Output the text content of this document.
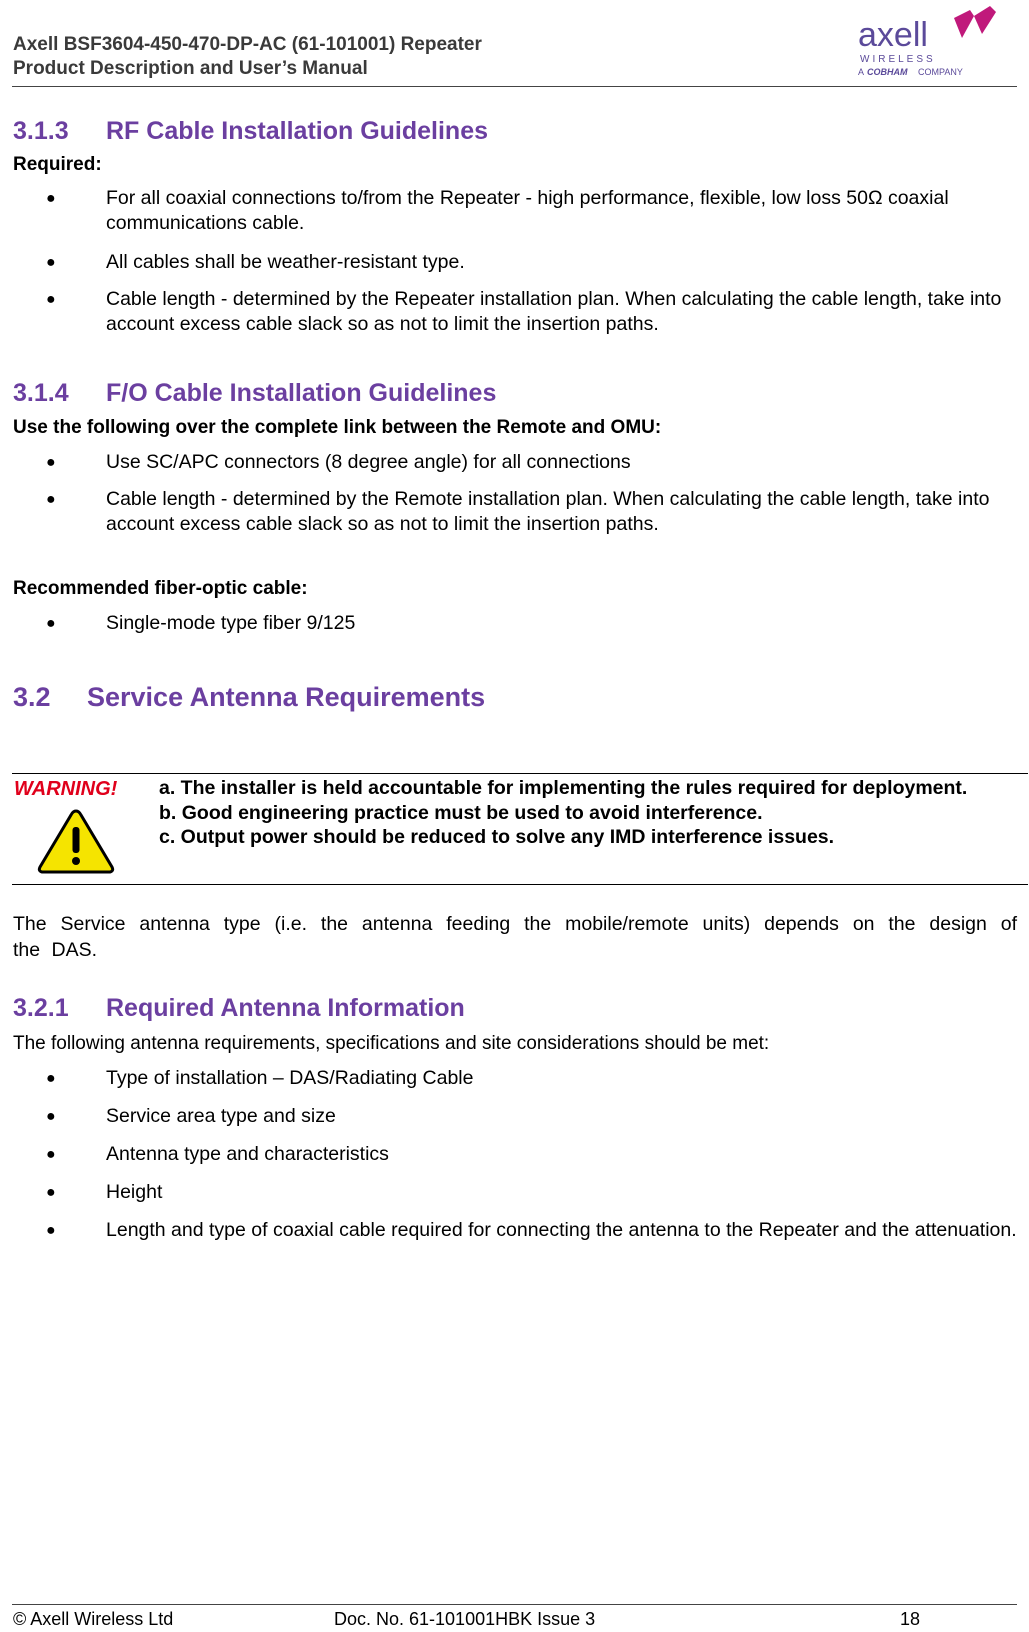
Axell BSF3604-450-470-DP-AC (61-101001) Repeater
Product Description and User’s Manual
axell
WIRELESS
A COBHAM COMPANY
3.1.3 RF Cable Installation Guidelines
Required:
●	For all coaxial connections to/from the Repeater - high performance, flexible, low loss 50Ω coaxial communications cable.
●	All cables shall be weather-resistant type.
●	Cable length - determined by the Repeater installation plan. When calculating the cable length, take into account excess cable slack so as not to limit the insertion paths.
3.1.4 F/O Cable Installation Guidelines
Use the following over the complete link between the Remote and OMU:
●	Use SC/APC connectors (8 degree angle) for all connections
●	Cable length - determined by the Remote installation plan. When calculating the cable length, take into account excess cable slack so as not to limit the insertion paths.
Recommended fiber-optic cable:
●	Single-mode type fiber 9/125
3.2 Service Antenna Requirements
WARNING! a. The installer is held accountable for implementing the rules required for deployment.
b. Good engineering practice must be used to avoid interference.
c. Output power should be reduced to solve any IMD interference issues.
The Service antenna type (i.e. the antenna feeding the mobile/remote units) depends on the design of the DAS.
3.2.1 Required Antenna Information
The following antenna requirements, specifications and site considerations should be met:
●	Type of installation – DAS/Radiating Cable
●	Service area type and size
●	Antenna type and characteristics
●	Height
●	Length and type of coaxial cable required for connecting the antenna to the Repeater and the attenuation.
© Axell Wireless Ltd	Doc. No. 61-101001HBK Issue 3	18
